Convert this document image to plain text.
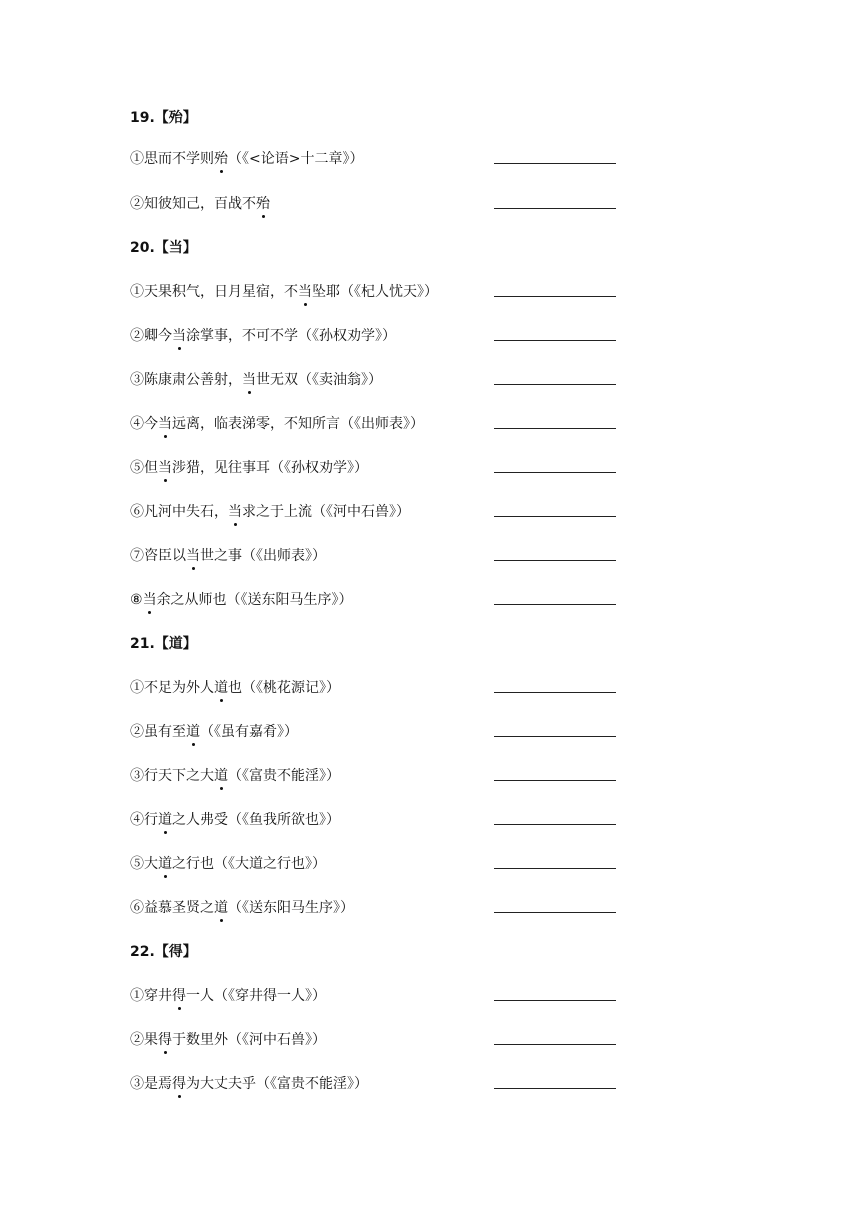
19.【殆】
①思而不学则殆（《<论语>十二章》）
②知彼知己，百战不殆
20.【当】
①天果积气，日月星宿，不当坠耶（《杞人忧天》）
②卿今当涂掌事，不可不学（《孙权劝学》）
③陈康肃公善射，当世无双（《卖油翁》）
④今当远离，临表涕零，不知所言（《出师表》）
⑤但当涉猎，见往事耳（《孙权劝学》）
⑥凡河中失石，当求之于上流（《河中石兽》）
⑦咨臣以当世之事（《出师表》）
⑧当余之从师也（《送东阳马生序》）
21.【道】
①不足为外人道也（《桃花源记》）
②虽有至道（《虽有嘉肴》）
③行天下之大道（《富贵不能淫》）
④行道之人弗受（《鱼我所欲也》）
⑤大道之行也（《大道之行也》）
⑥益慕圣贤之道（《送东阳马生序》）
22.【得】
①穿井得一人（《穿井得一人》）
②果得于数里外（《河中石兽》）
③是焉得为大丈夫乎（《富贵不能淫》）
